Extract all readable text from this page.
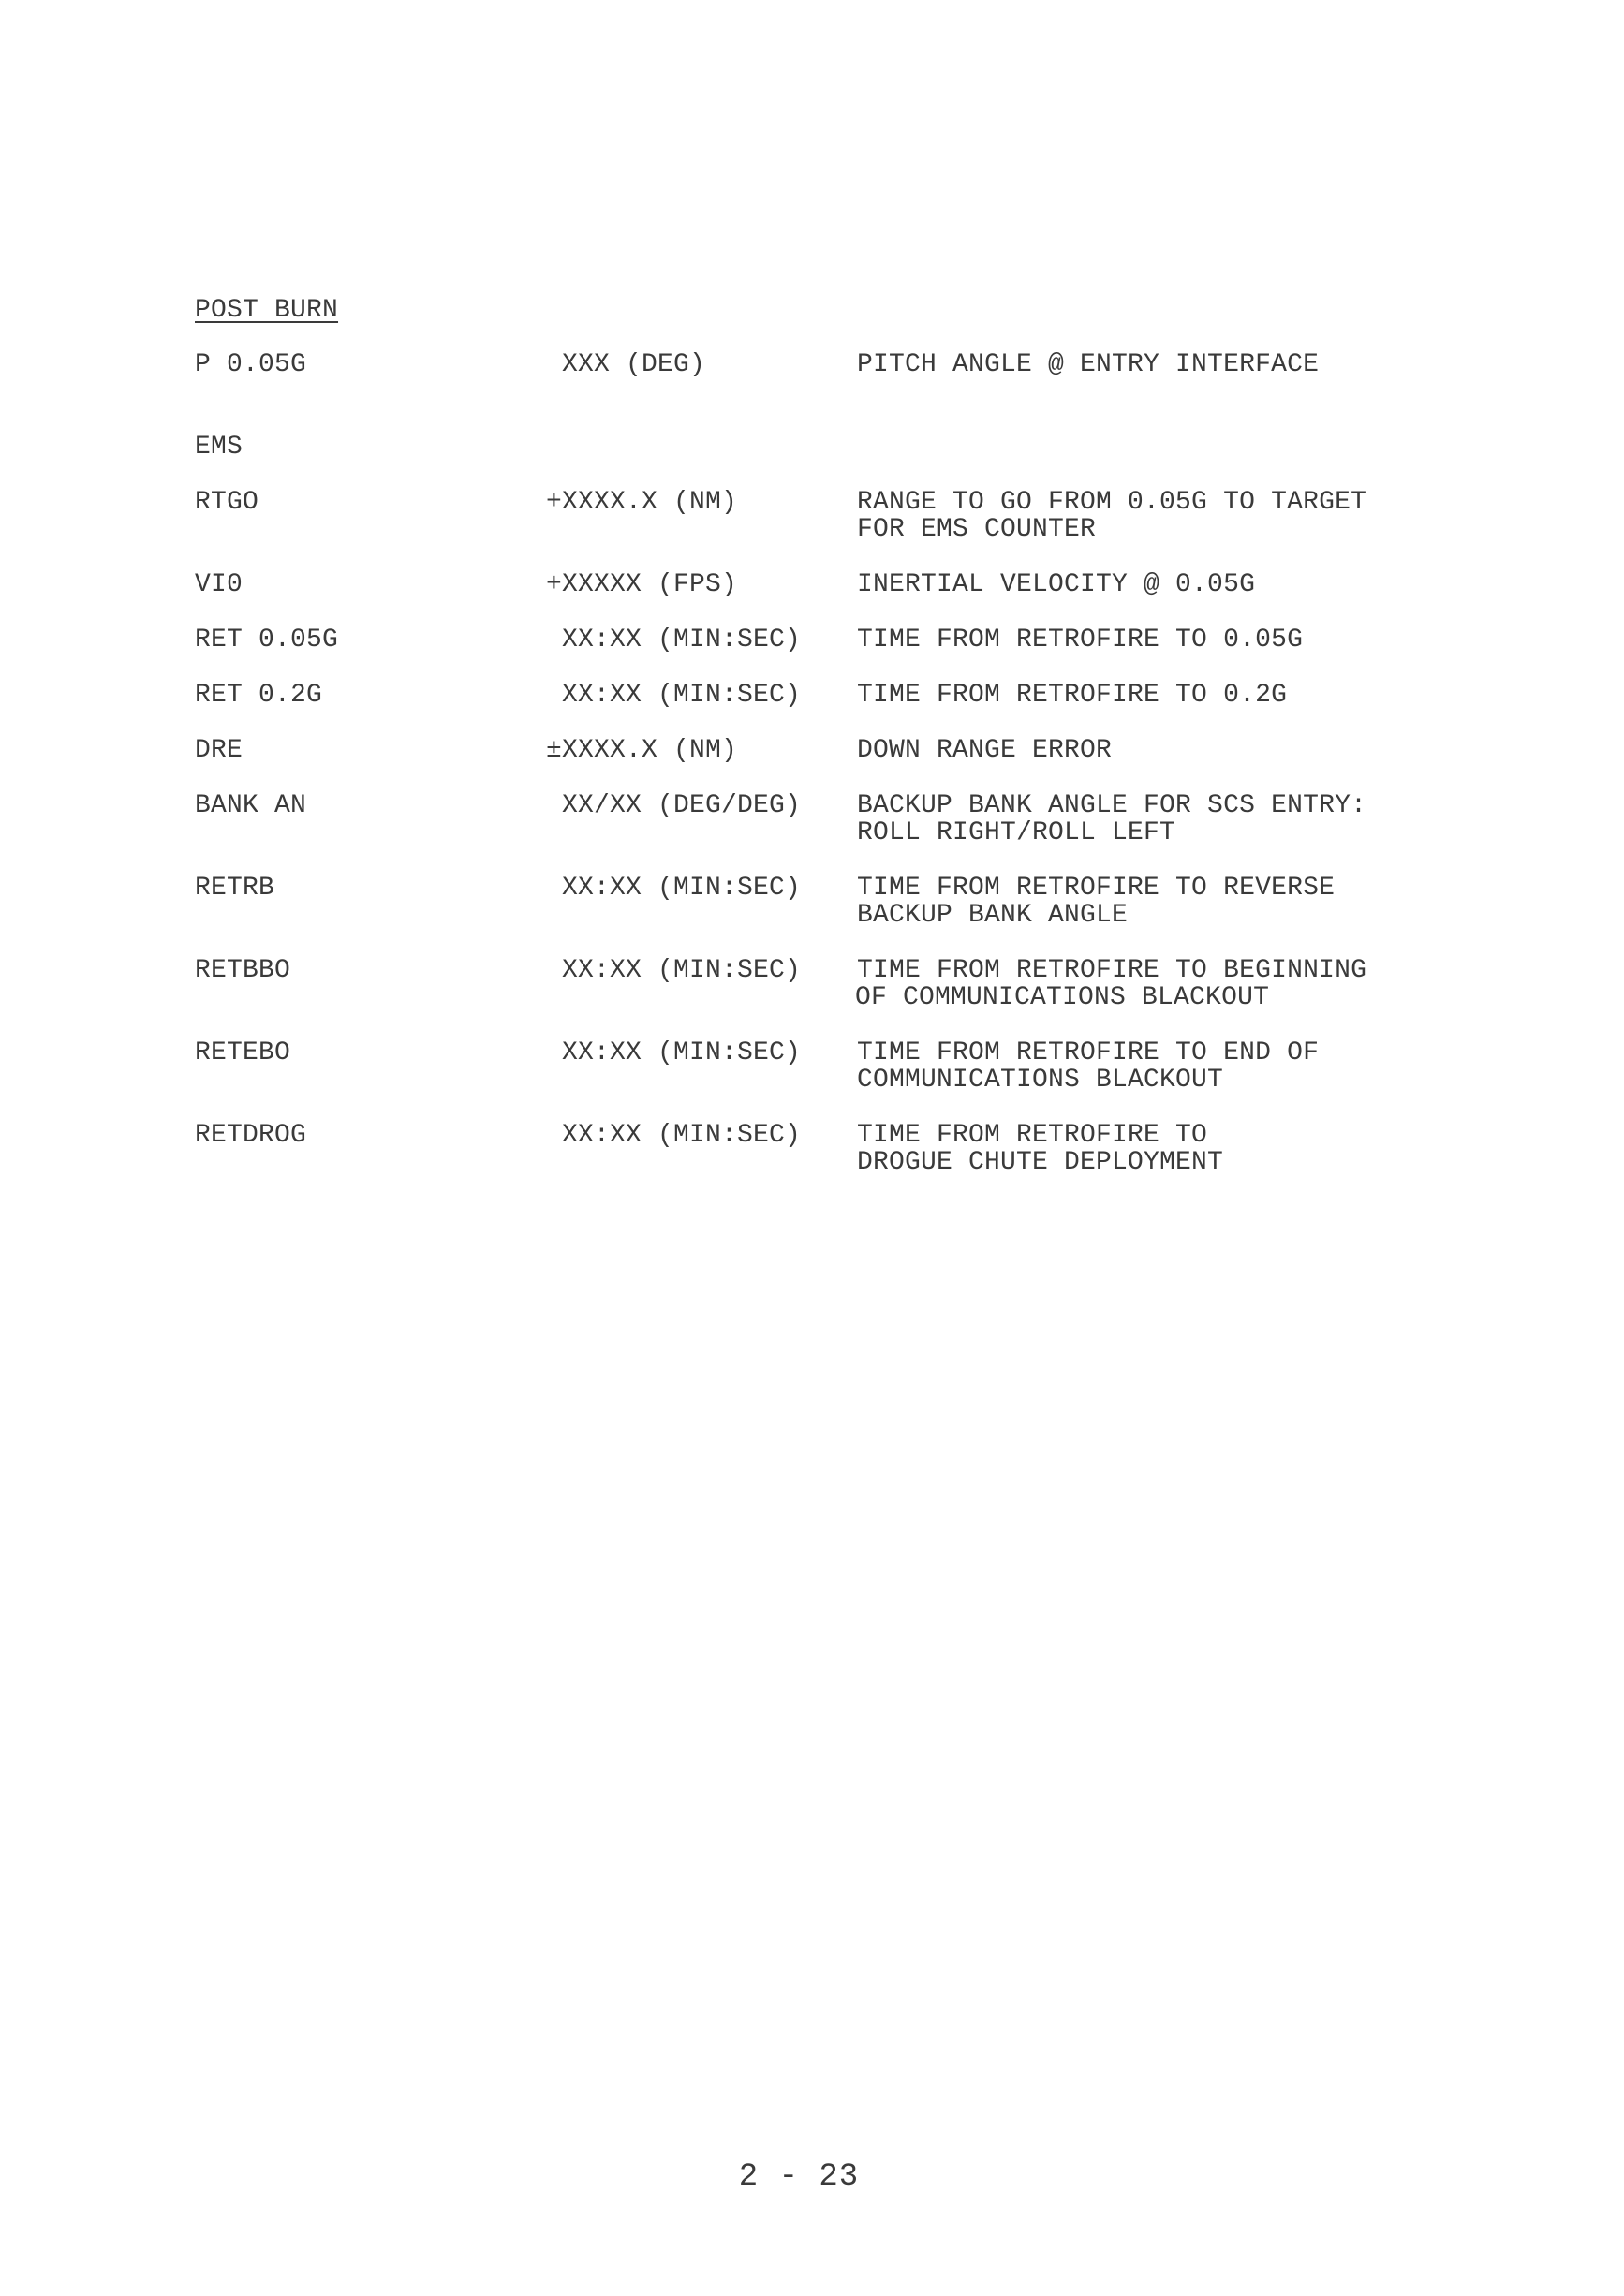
POST BURN
P 0.05G	XXX (DEG)	PITCH ANGLE @ ENTRY INTERFACE
EMS
RTGO	+XXXX.X (NM)	RANGE TO GO FROM 0.05G TO TARGET
FOR EMS COUNTER
VI0	+XXXXX (FPS)	INERTIAL VELOCITY @ 0.05G
RET 0.05G	XX:XX (MIN:SEC) TIME FROM RETROFIRE TO 0.05G
RET 0.2G	XX:XX (MIN:SEC) TIME FROM RETROFIRE TO 0.2G
DRE	±XXXX.X (NM)	DOWN RANGE ERROR
BANK AN	XX/XX (DEG/DEG) BACKUP BANK ANGLE FOR SCS ENTRY:
ROLL RIGHT/ROLL LEFT
RETRB	XX:XX (MIN:SEC) TIME FROM RETROFIRE TO REVERSE
BACKUP BANK ANGLE
RETBBO	XX:XX (MIN:SEC) TIME FROM RETROFIRE TO BEGINNING
OF COMMUNICATIONS BLACKOUT
RETEBO	XX:XX (MIN:SEC) TIME FROM RETROFIRE TO END OF
COMMUNICATIONS BLACKOUT
RETDROG	XX:XX (MIN:SEC) TIME FROM RETROFIRE TO
DROGUE CHUTE DEPLOYMENT
2 - 23
